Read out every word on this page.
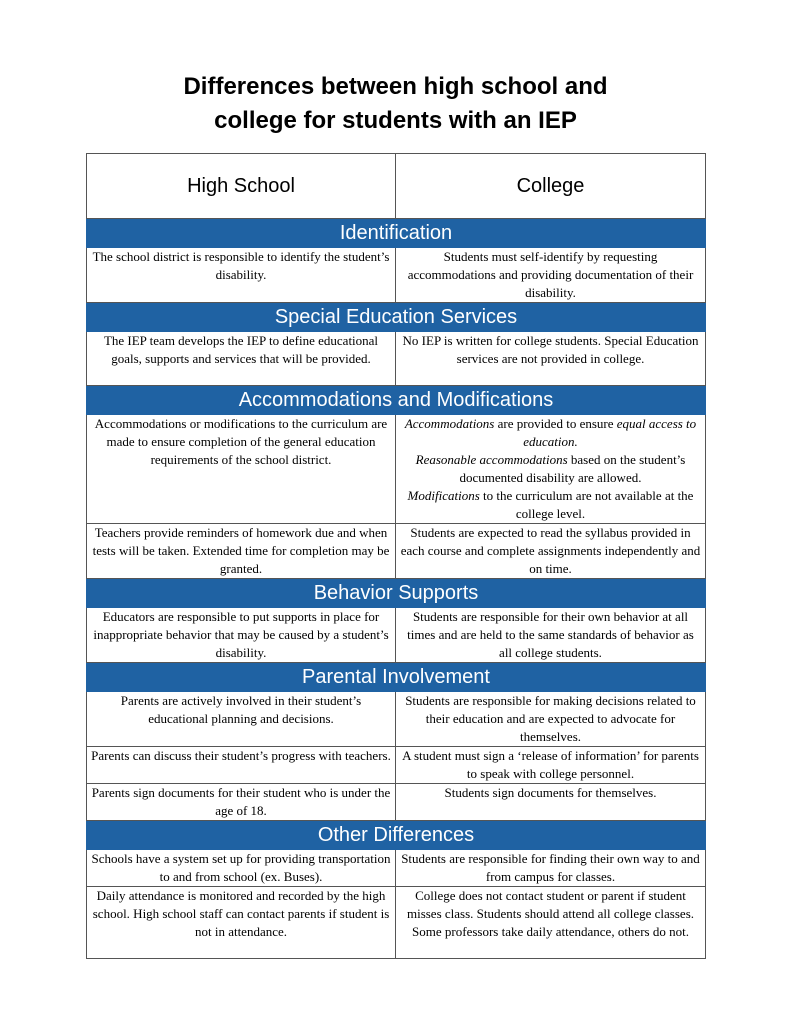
Differences between high school and
college for students with an IEP
High School	College
Identification	
The school district is responsible to identify the student’s disability.	Students must self-identify by requesting accommodations and providing documentation of their disability.
Special Education Services	
The IEP team develops the IEP to define educational goals, supports and services that will be provided.	No IEP is written for college students. Special Education services are not provided in college.
Accommodations and Modifications	
Accommodations or modifications to the curriculum are made to ensure completion of the general education requirements of the school district.	Accommodations are provided to ensure equal access to education.
Reasonable accommodations based on the student’s documented disability are allowed.
Modifications to the curriculum are not available at the college level.

Teachers provide reminders of homework due and when tests will be taken. Extended time for completion may be granted.	Students are expected to read the syllabus provided in each course and complete assignments independently and on time.
Behavior Supports	
Educators are responsible to put supports in place for inappropriate behavior that may be caused by a student’s disability.	Students are responsible for their own behavior at all times and are held to the same standards of behavior as all college students.
Parental Involvement	
Parents are actively involved in their student’s educational planning and decisions.	Students are responsible for making decisions related to their education and are expected to advocate for themselves.
Parents can discuss their student’s progress with teachers.	A student must sign a ‘release of information’ for parents to speak with college personnel.
Parents sign documents for their student who is under the age of 18.	Students sign documents for themselves.
Other Differences	
Schools have a system set up for providing transportation to and from school (ex. Buses).	Students are responsible for finding their own way to and from campus for classes.
Daily attendance is monitored and recorded by the high school. High school staff can contact parents if student is not in attendance.	College does not contact student or parent if student misses class. Students should attend all college classes. Some professors take daily attendance, others do not.
